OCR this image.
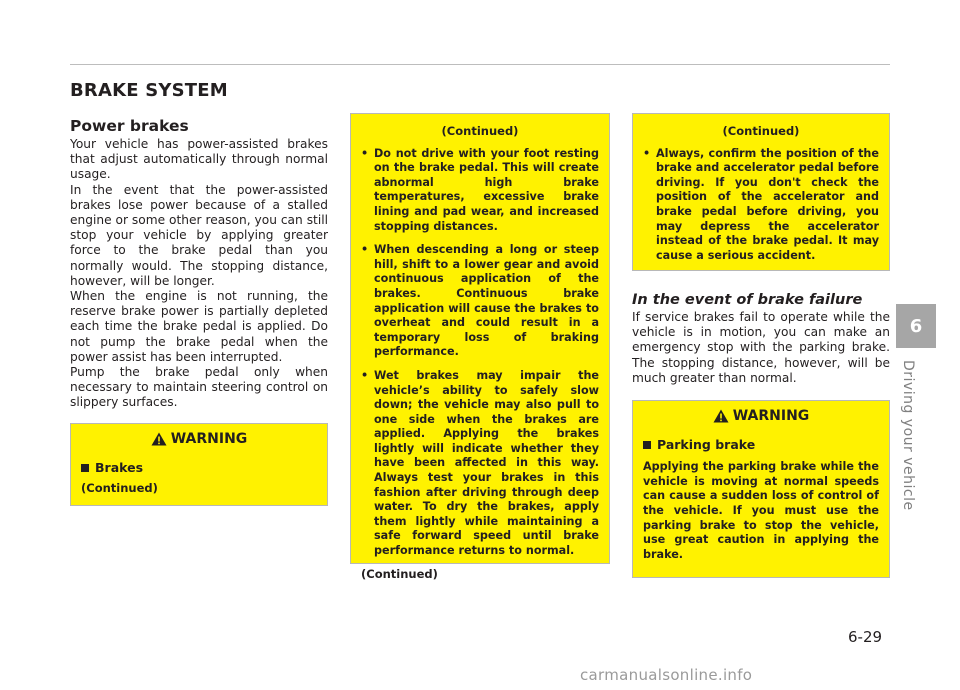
BRAKE SYSTEM
Power brakes

Your vehicle has power-assisted brakes that adjust automatically through normal usage.

In the event that the power-assisted brakes lose power because of a stalled engine or some other reason, you can still stop your vehicle by applying greater force to the brake pedal than you normally would. The stopping distance, however, will be longer.

When the engine is not running, the reserve brake power is partially depleted each time the brake pedal is applied. Do not pump the brake pedal when the power assist has been interrupted.

Pump the brake pedal only when necessary to maintain steering control on slippery surfaces.

WARNING
Brakes
(Continued)
(Continued)
• Do not drive with your foot resting on the brake pedal. This will create abnormal high brake temperatures, excessive brake lining and pad wear, and increased stopping distances.
• When descending a long or steep hill, shift to a lower gear and avoid continuous application of the brakes. Continuous brake application will cause the brakes to overheat and could result in a temporary loss of braking performance.
• Wet brakes may impair the vehicle’s ability to safely slow down; the vehicle may also pull to one side when the brakes are applied. Applying the brakes lightly will indicate whether they have been affected in this way. Always test your brakes in this fashion after driving through deep water. To dry the brakes, apply them lightly while maintaining a safe forward speed until brake performance returns to normal.
(Continued)
(Continued)
• Always, confirm the position of the brake and accelerator pedal before driving. If you don't check the position of the accelerator and brake pedal before driving, you may depress the accelerator instead of the brake pedal. It may cause a serious accident.
In the event of brake failure

If service brakes fail to operate while the vehicle is in motion, you can make an emergency stop with the parking brake. The stopping distance, however, will be much greater than normal.

WARNING
Parking brake
Applying the parking brake while the vehicle is moving at normal speeds can cause a sudden loss of control of the vehicle. If you must use the parking brake to stop the vehicle, use great caution in applying the brake.
6
Driving your vehicle
6-29
carmanualsonline.info
